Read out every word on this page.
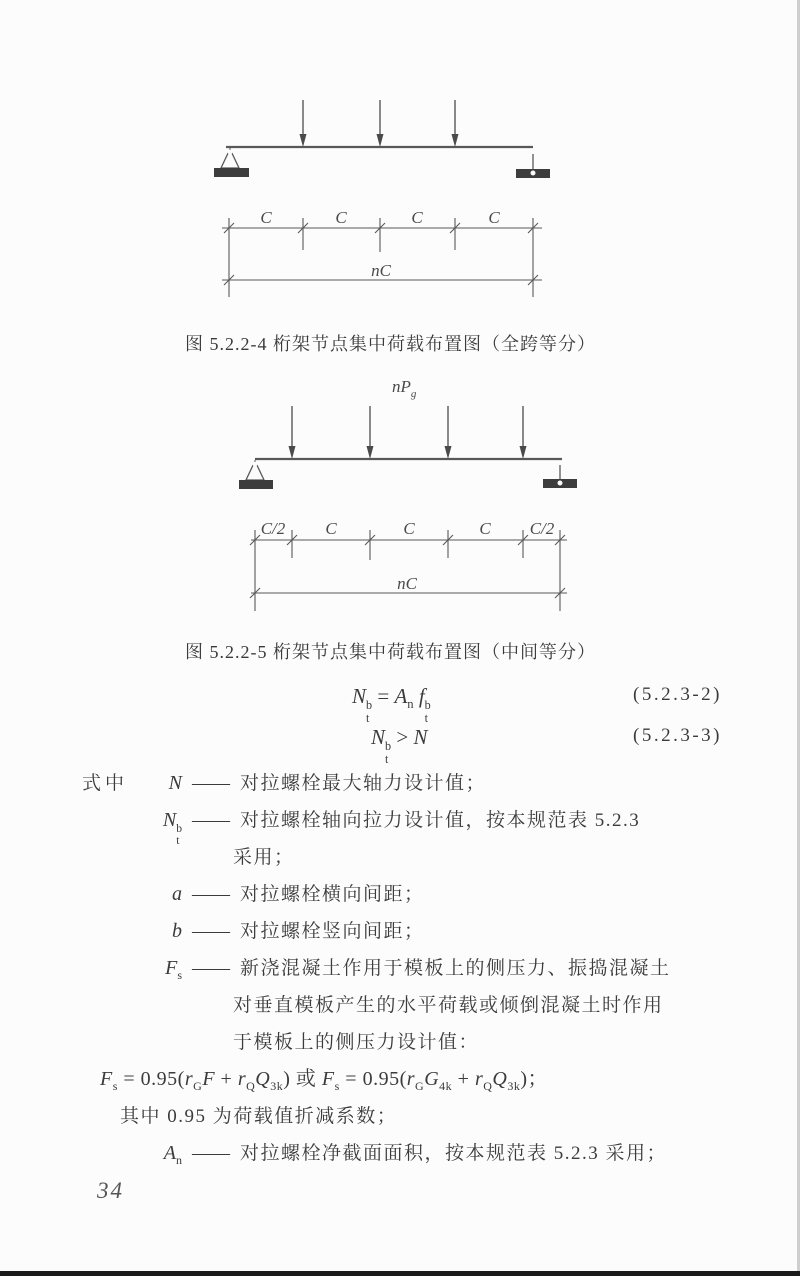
C	C	C	C
nC
图 5.2.2-4 桁架节点集中荷载布置图（全跨等分）
$nP_g$
C/2 C	C	C C/2
nC
图 5.2.2-5 桁架节点集中荷载布置图（中间等分）
N b
t
= $A_n$ f b
t
(5.2.3-2)
N b
t
> N	(5.2.3-3)
式中	N —— 对拉螺栓最大轴力设计值；
N b
t
—— 对拉螺栓轴向拉力设计值，按本规范表 5.2.3
采用；
a —— 对拉螺栓横向间距；
b —— 对拉螺栓竖向间距；
$F_s$ —— 新浇混凝土作用于模板上的侧压力、振捣混凝土
对垂直模板产生的水平荷载或倾倒混凝土时作用
于模板上的侧压力设计值：
$F_s = 0.95(r_GF + r_QQ_{3k})$ 或 $F_s = 0.95(r_GG_{4k} + r_QQ_{3k})$；
其中 0.95 为荷载值折减系数；
$A_n$ —— 对拉螺栓净截面面积，按本规范表 5.2.3 采用；
34
